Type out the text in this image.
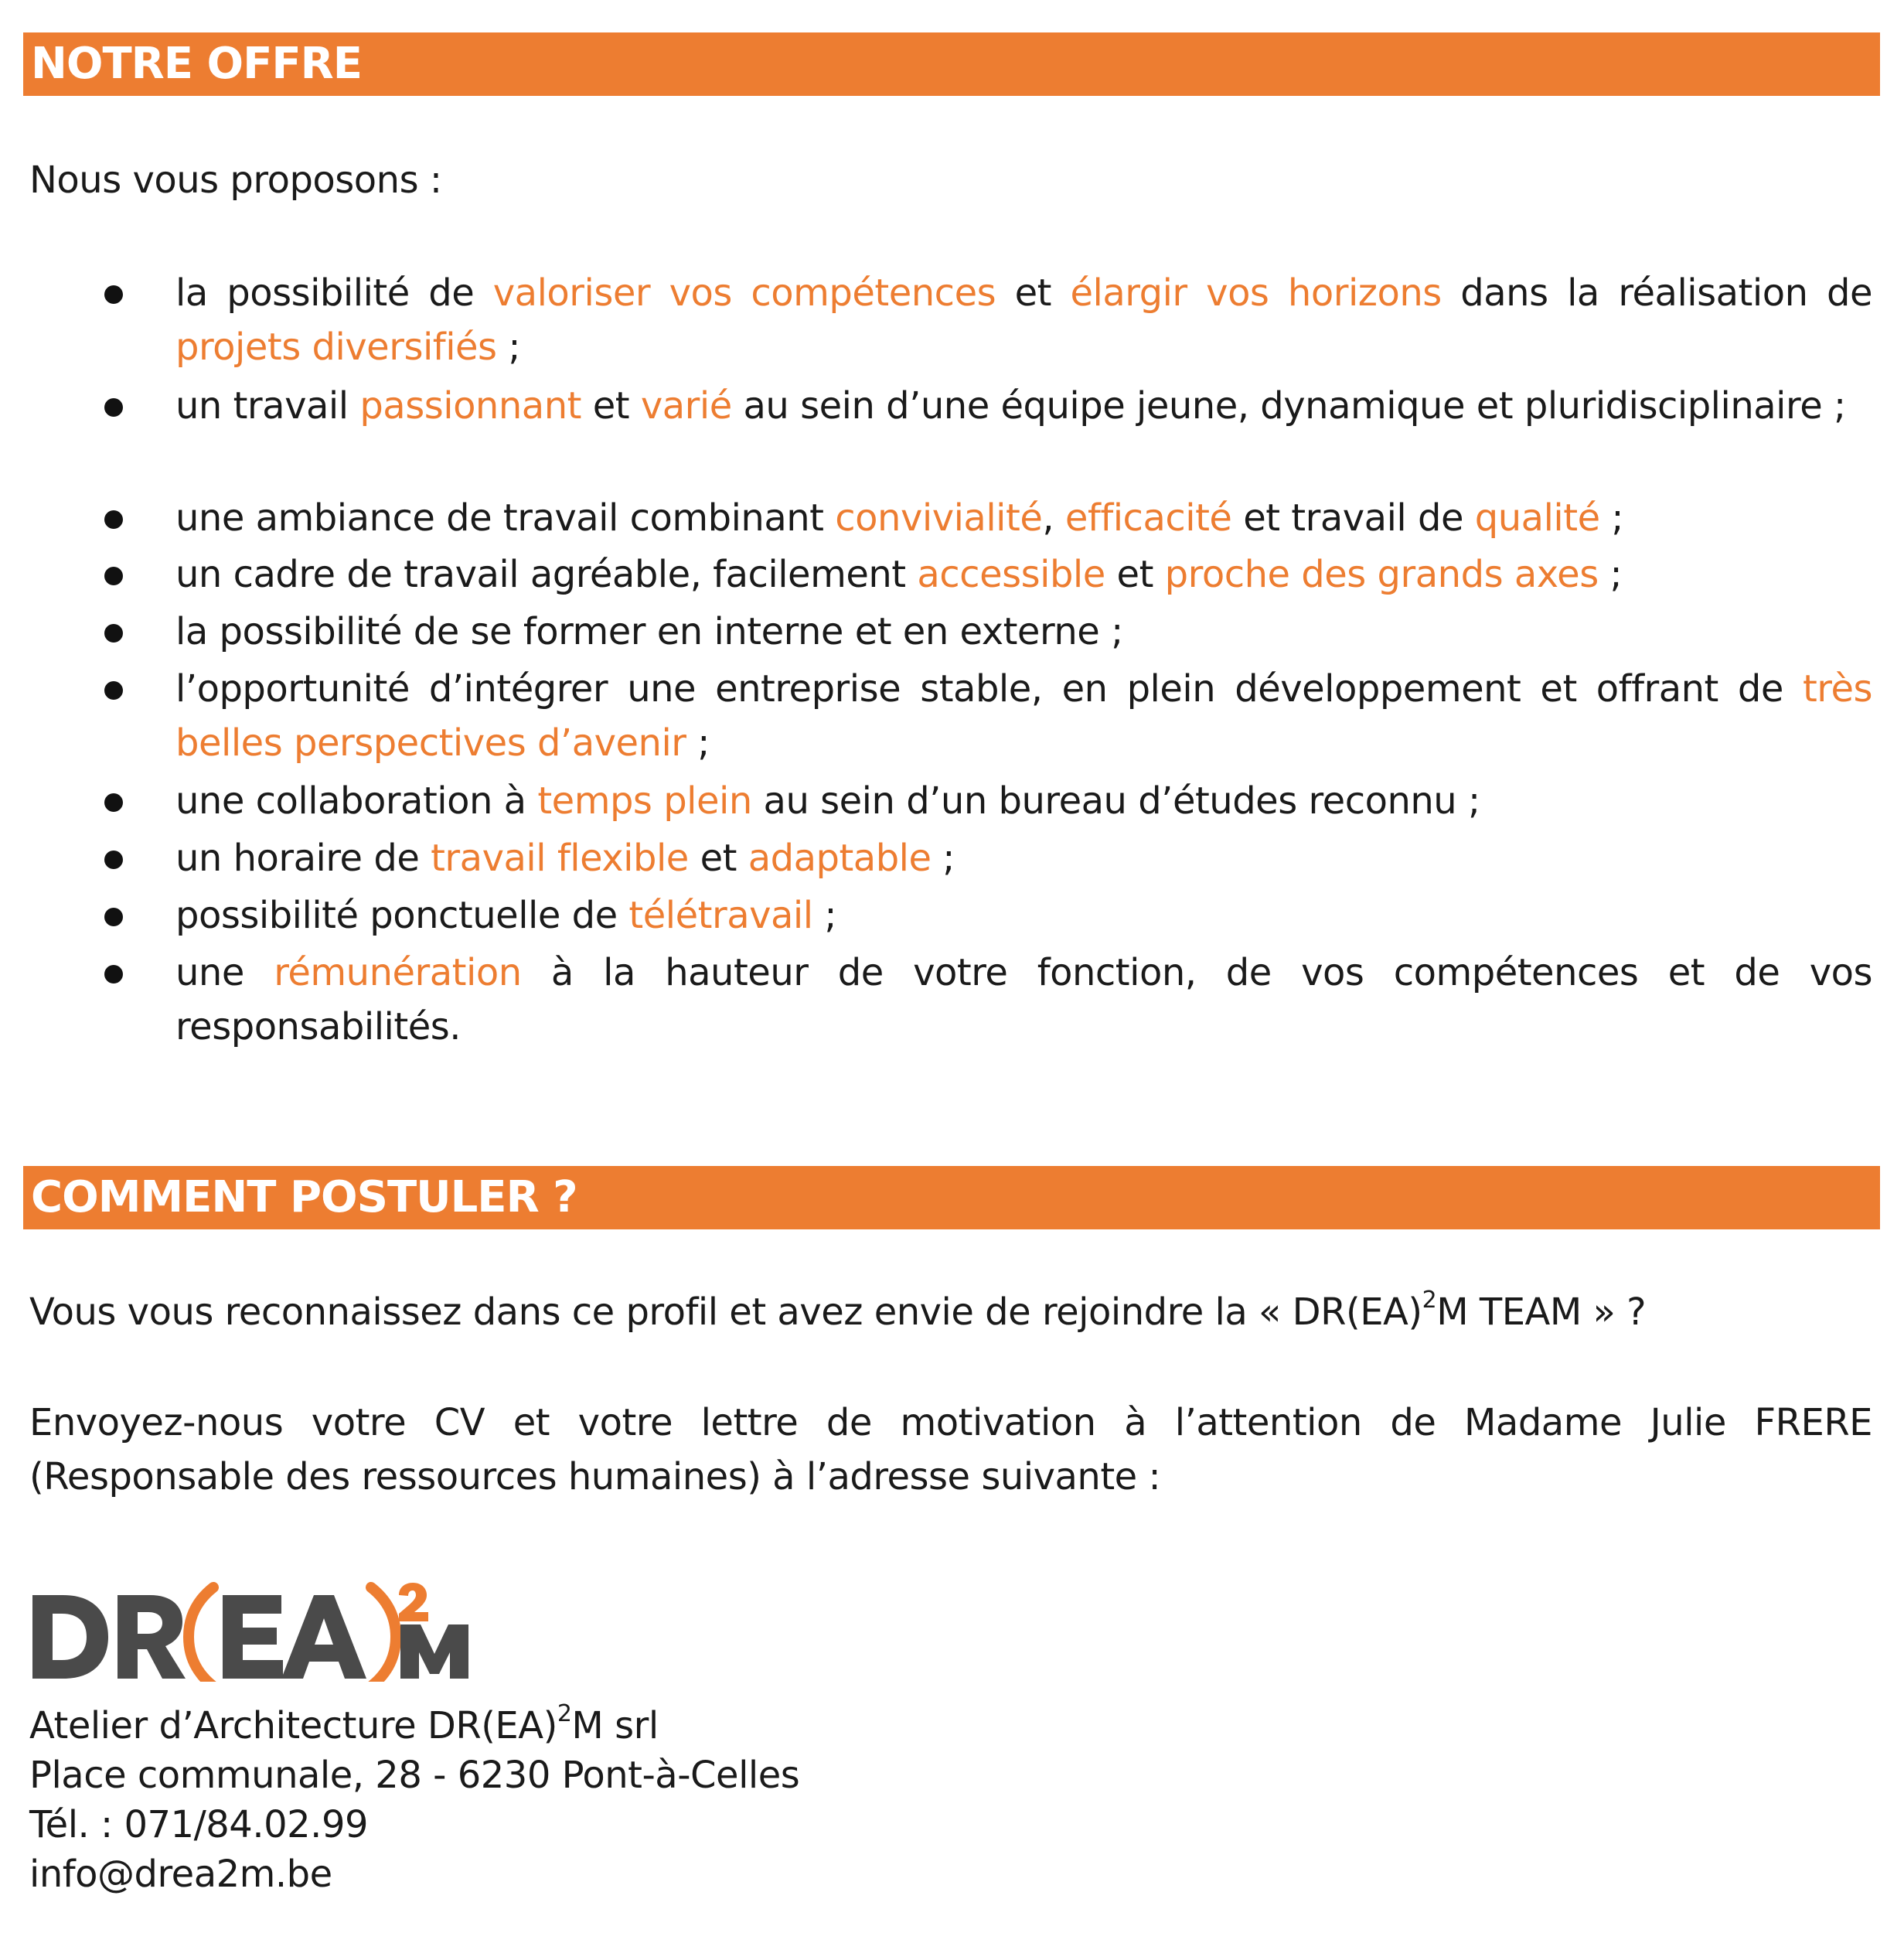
NOTRE OFFRE
Nous vous proposons :
la possibilité de valoriser vos compétences et élargir vos horizons dans la réalisation de projets diversifiés ;
un travail passionnant et varié au sein d’une équipe jeune, dynamique et pluridisciplinaire ;
une ambiance de travail combinant convivialité, efficacité et travail de qualité ;
un cadre de travail agréable, facilement accessible et proche des grands axes ;
la possibilité de se former en interne et en externe ;
l’opportunité d’intégrer une entreprise stable, en plein développement et offrant de très belles perspectives d’avenir ;
une collaboration à temps plein au sein d’un bureau d’études reconnu ;
un horaire de travail flexible et adaptable ;
possibilité ponctuelle de télétravail ;
une rémunération à la hauteur de votre fonction, de vos compétences et de vos responsabilités.
COMMENT POSTULER ?
Vous vous reconnaissez dans ce profil et avez envie de rejoindre la « DR(EA)$^2$M TEAM » ?
Envoyez-nous votre CV et votre lettre de motivation à l’attention de Madame Julie FRERE (Responsable des ressources humaines) à l’adresse suivante :
Atelier d’Architecture DR(EA)$^2$M srl
Place communale, 28 - 6230 Pont-à-Celles
Tél. : 071/84.02.99
info@drea2m.be
